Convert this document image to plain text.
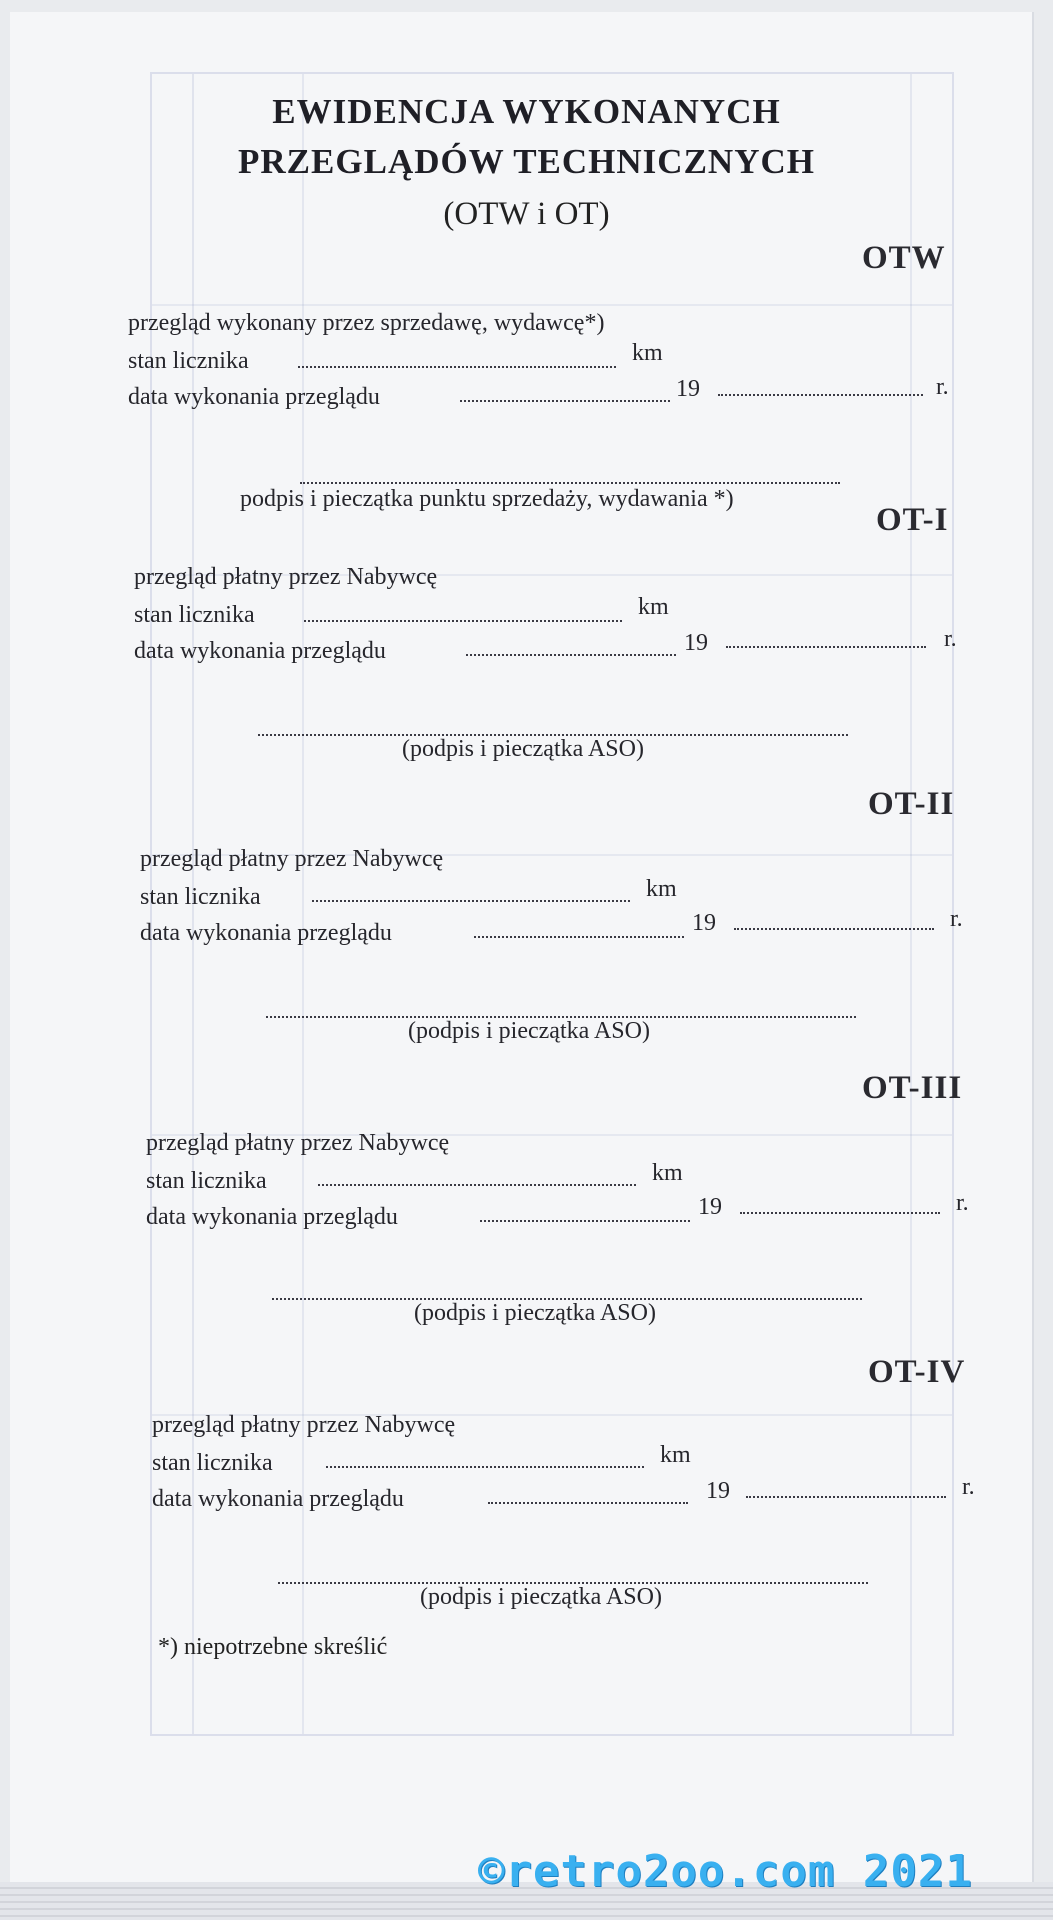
EWIDENCJA WYKONANYCH
PRZEGLĄDÓW TECHNICZNYCH
(OTW i OT)
OTW
przegląd wykonany przez sprzedawę, wydawcę*)
stan licznika	km
data wykonania przeglądu	19	r.
podpis i pieczątka punktu sprzedaży, wydawania *)
OT-I
przegląd płatny przez Nabywcę
stan licznika	km
data wykonania przeglądu	19	r.
(podpis i pieczątka ASO)
OT-II
przegląd płatny przez Nabywcę
stan licznika	km
data wykonania przeglądu	19	r.
(podpis i pieczątka ASO)
OT-III
przegląd płatny przez Nabywcę
stan licznika	km
data wykonania przeglądu	19	r.
(podpis i pieczątka ASO)
OT-IV
przegląd płatny przez Nabywcę
stan licznika	km
data wykonania przeglądu	19	r.
(podpis i pieczątka ASO)
*) niepotrzebne skreślić
©retro2oo.com 2021
